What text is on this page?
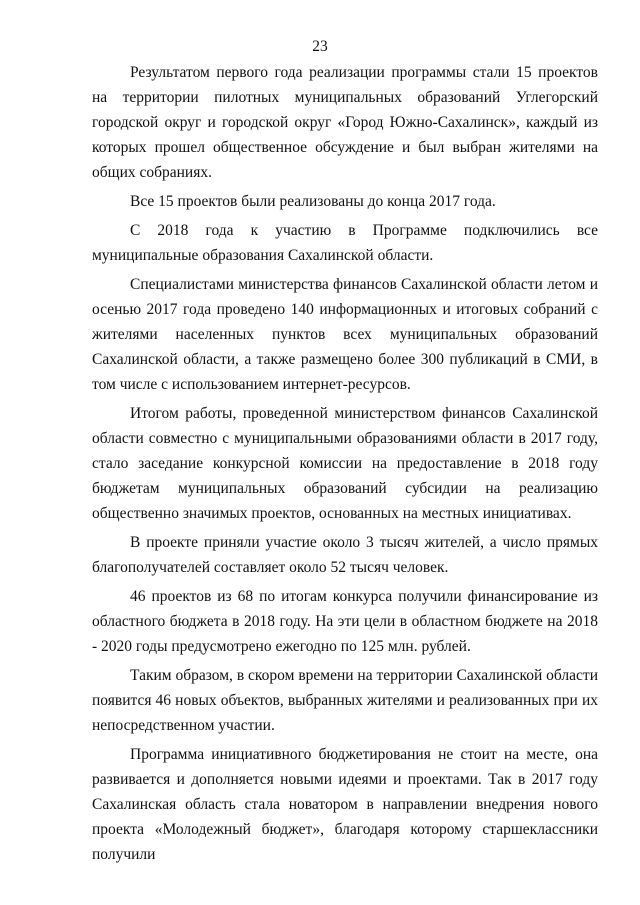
23

Результатом первого года реализации программы стали 15 проектов на территории пилотных муниципальных образований Углегорский городской округ и городской округ «Город Южно-Сахалинск», каждый из которых прошел общественное обсуждение и был выбран жителями на общих собраниях.

Все 15 проектов были реализованы до конца 2017 года.

С 2018 года к участию в Программе подключились все муниципальные образования Сахалинской области.

Специалистами министерства финансов Сахалинской области летом и осенью 2017 года проведено 140 информационных и итоговых собраний с жителями населенных пунктов всех муниципальных образований Сахалинской области, а также размещено более 300 публикаций в СМИ, в том числе с использованием интернет-ресурсов.

Итогом работы, проведенной министерством финансов Сахалинской области совместно с муниципальными образованиями области в 2017 году, стало заседание конкурсной комиссии на предоставление в 2018 году бюджетам муниципальных образований субсидии на реализацию общественно значимых проектов, основанных на местных инициативах.

В проекте приняли участие около 3 тысяч жителей, а число прямых благополучателей составляет около 52 тысяч человек.

46 проектов из 68 по итогам конкурса получили финансирование из областного бюджета в 2018 году. На эти цели в областном бюджете на 2018 - 2020 годы предусмотрено ежегодно по 125 млн. рублей.

Таким образом, в скором времени на территории Сахалинской области появится 46 новых объектов, выбранных жителями и реализованных при их непосредственном участии.

Программа инициативного бюджетирования не стоит на месте, она развивается и дополняется новыми идеями и проектами. Так в 2017 году Сахалинская область стала новатором в направлении внедрения нового проекта «Молодежный бюджет», благодаря которому старшеклассники получили
